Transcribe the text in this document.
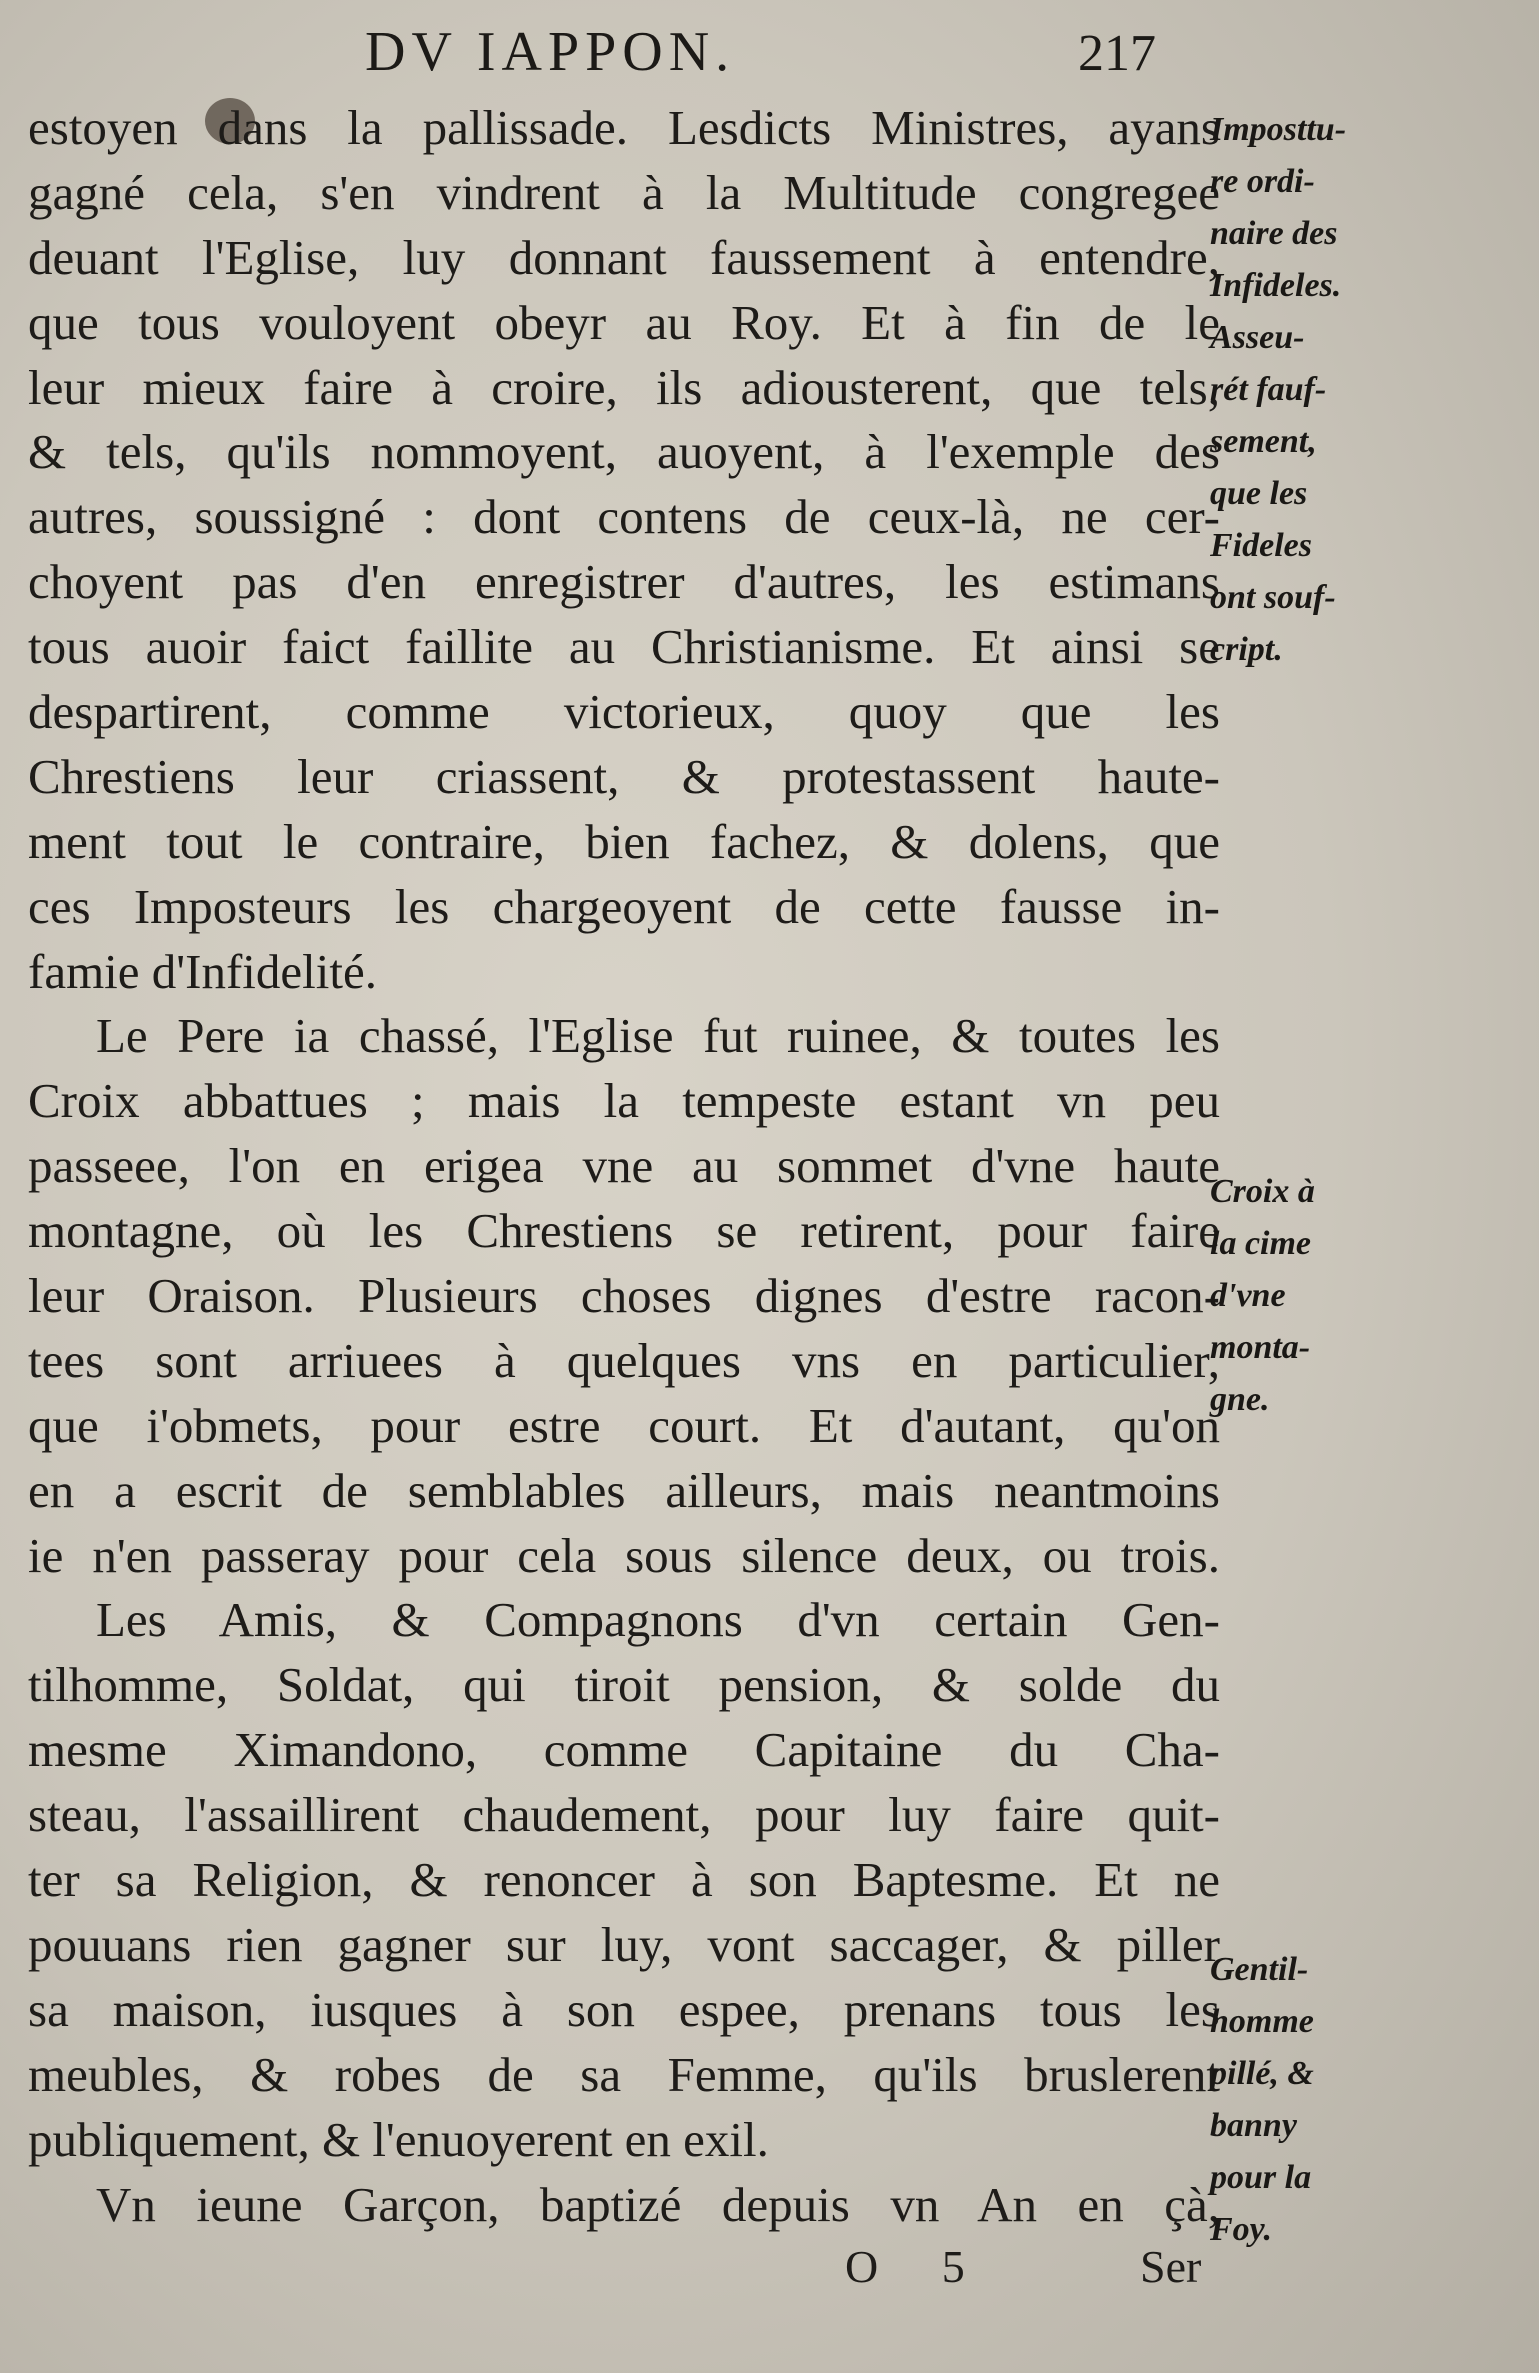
DV IAPPON.	217
estoyen dans la pallissade. Lesdicts Ministres, ayans
gagné cela, s'en vindrent à la Multitude congregee
deuant l'Eglise, luy donnant faussement à entendre,
que tous vouloyent obeyr au Roy. Et à fin de le
leur mieux faire à croire, ils adiousterent, que tels,
& tels, qu'ils nommoyent, auoyent, à l'exemple des
autres, soussigné : dont contens de ceux-là, ne cer-
choyent pas d'en enregistrer d'autres, les estimans
tous auoir faict faillite au Christianisme. Et ainsi se
despartirent, comme victorieux, quoy que les
Chrestiens leur criassent, & protestassent haute-
ment tout le contraire, bien fachez, & dolens, que
ces Imposteurs les chargeoyent de cette fausse in-
famie d'Infidelité.
Le Pere ia chassé, l'Eglise fut ruinee, & toutes les
Croix abbattues ; mais la tempeste estant vn peu
passeee, l'on en erigea vne au sommet d'vne haute
montagne, où les Chrestiens se retirent, pour faire
leur Oraison. Plusieurs choses dignes d'estre racon-
tees sont arriuees à quelques vns en particulier,
que i'obmets, pour estre court. Et d'autant, qu'on
en a escrit de semblables ailleurs, mais neantmoins
ie n'en passeray pour cela sous silence deux, ou trois.
Les Amis, & Compagnons d'vn certain Gen-
tilhomme, Soldat, qui tiroit pension, & solde du
mesme Ximandono, comme Capitaine du Cha-
steau, l'assaillirent chaudement, pour luy faire quit-
ter sa Religion, & renoncer à son Baptesme. Et ne
pouuans rien gagner sur luy, vont saccager, & piller
sa maison, iusques à son espee, prenans tous les
meubles, & robes de sa Femme, qu'ils bruslerent
publiquement, & l'enuoyerent en exil.
Vn ieune Garçon, baptizé depuis vn An en çà,
Imposttu-
re ordi-
naire des
Infideles.
Asseu-
rét fauf-
sement,
que les
Fideles
ont souf-
cript.
Croix à
la cime
d'vne
monta-
gne.
Gentil-
homme
pillé, &
banny
pour la
Foy.
O 5	Ser
